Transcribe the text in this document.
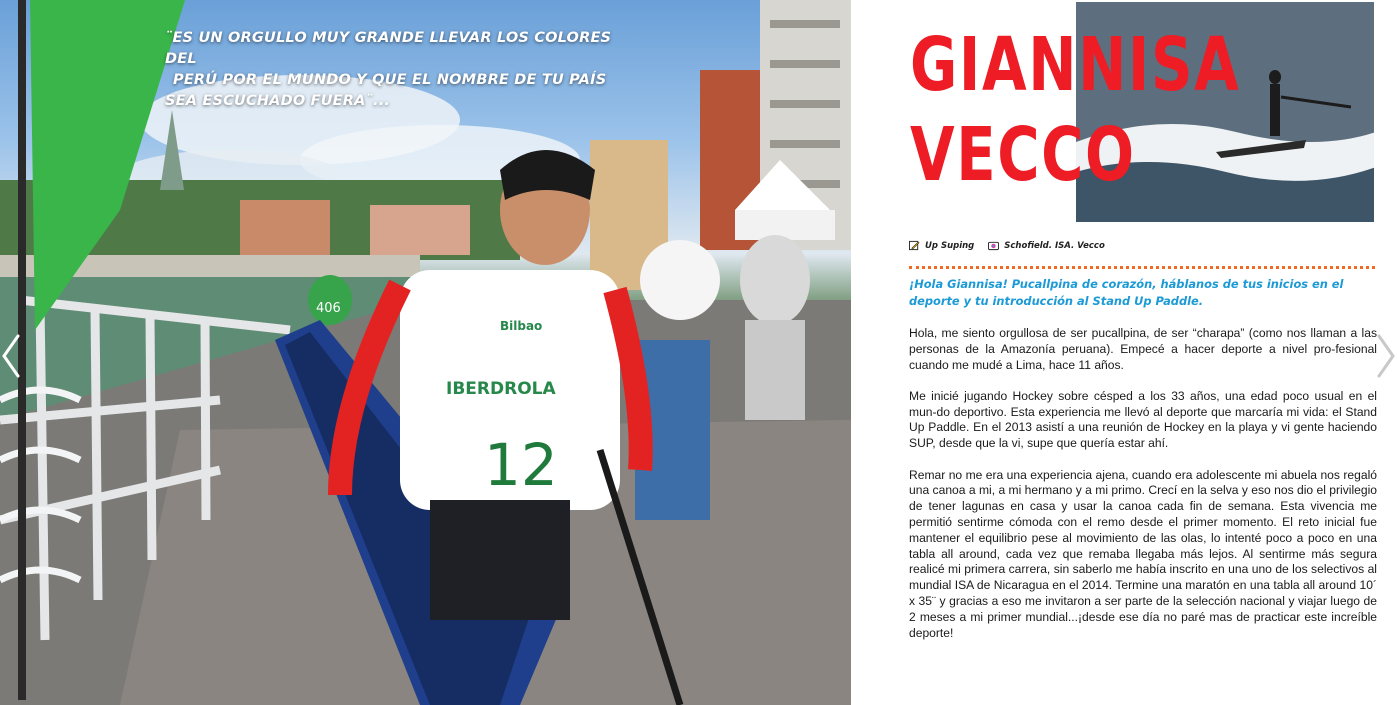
406
IBERDROLA
Bilbao
12
¨ES UN ORGULLO MUY GRANDE LLEVAR LOS COLORES DEL
PERÚ POR EL MUNDO Y QUE EL NOMBRE DE TU PAÍS
SEA ESCUCHADO FUERA¨...	GIANNISA
VECCO
Up Suping	Schofield. ISA. Vecco
¡Hola Giannisa! Pucallpina de corazón, háblanos de tus inicios en el deporte y tu introducción al Stand Up Paddle.

Hola, me siento orgullosa de ser pucallpina, de ser “charapa” (como nos llaman a las personas de la Amazonía peruana). Empecé a hacer deporte a nivel pro-fesional cuando me mudé a Lima, hace 11 años.

Me inicié jugando Hockey sobre césped a los 33 años, una edad poco usual en el mun-do deportivo. Esta experiencia me llevó al deporte que marcaría mi vida: el Stand Up Paddle. En el 2013 asistí a una reunión de Hockey en la playa y vi gente haciendo SUP, desde que la vi, supe que quería estar ahí.

Remar no me era una experiencia ajena, cuando era adolescente mi abuela nos regaló una canoa a mi, a mi hermano y a mi primo. Crecí en la selva y eso nos dio el privilegio de tener lagunas en casa y usar la canoa cada fin de semana. Esta vivencia me permitió sentirme cómoda con el remo desde el primer momento. El reto inicial fue mantener el equilibrio pese al movimiento de las olas, lo intenté poco a poco en una tabla all around, cada vez que remaba llegaba más lejos. Al sentirme más segura realicé mi primera carrera, sin saberlo me había inscrito en una uno de los selectivos al mundial ISA de Nicaragua en el 2014. Termine una maratón en una tabla all around 10´ x 35¨ y gracias a eso me invitaron a ser parte de la selección nacional y viajar luego de 2 meses a mi primer mundial...¡desde ese día no paré mas de practicar este increíble deporte!
